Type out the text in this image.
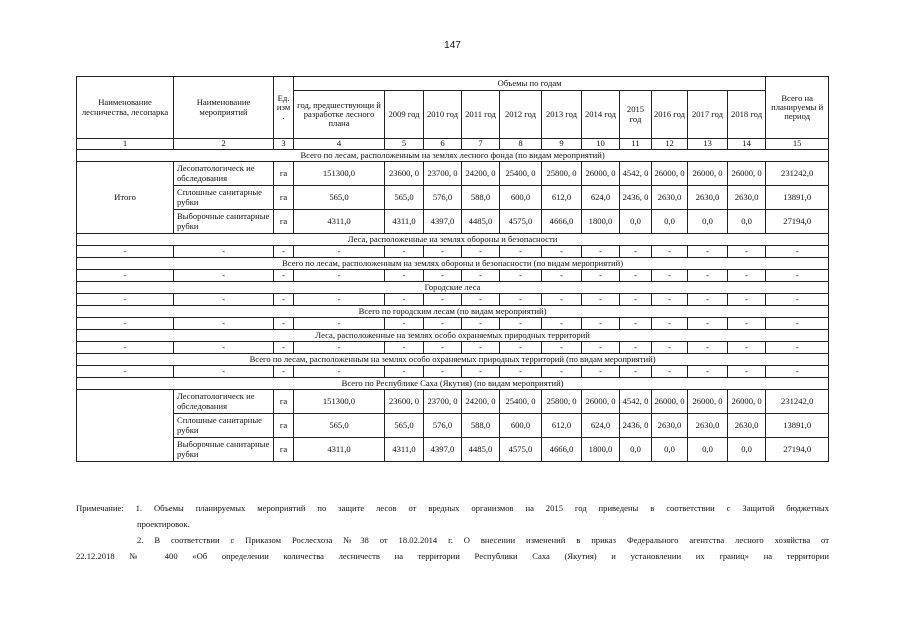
147
Наименование лесничества, лесопарка	Наименование мероприятий	Ед. изм .	Объемы по годам											Всего на планируемы й период
			год, предшествующи й разработке лесного плана	2009 год	2010 год	2011 год	2012 год	2013 год	2014 год	2015 год	2016 год	2017 год	2018 год	
1	2	3	4	5	6	7	8	9	10	11	12	13	14	15
Всего по лесам, расположенным на землях лесного фонда (по видам мероприятий)														
Итого	Лесопатологическ ие обследования	га	151300,0	23600, 0	23700, 0	24200, 0	25400, 0	25800, 0	26000, 0	4542, 0	26000, 0	26000, 0	26000, 0	231242,0
	Сплошные санитарные рубки	га	565,0	565,0	576,0	588,0	600,0	612,0	624,0	2436, 0	2630,0	2630,0	2630,0	13891,0
	Выборочные санитарные рубки	га	4311,0	4311,0	4397,0	4485,0	4575,0	4666,0	1800,0	0,0	0,0	0,0	0,0	27194,0
Леса, расположенные на землях обороны и безопасности														
-	-	-	-	-	-	-	-	-	-	-	-	-	-	-
Всего по лесам, расположенным на землях обороны и безопасности (по видам мероприятий)														
-	-	-	-	-	-	-	-	-	-	-	-	-	-	-
Городские леса														
-	-	-	-	-	-	-	-	-	-	-	-	-	-	-
Всего по городским лесам (по видам мероприятий)														
-	-	-	-	-	-	-	-	-	-	-	-	-	-	-
Леса, расположенные на землях особо охраняемых природных территорий														
-	-	-	-	-	-	-	-	-	-	-	-	-	-	-
Всего по лесам, расположенным на землях особо охраняемых природных территорий (по видам мероприятий)														
-	-	-	-	-	-	-	-	-	-	-	-	-	-	-
Всего по Республике Саха (Якутия) (по видам мероприятий)														
	Лесопатологическ ие обследования	га	151300,0	23600, 0	23700, 0	24200, 0	25400, 0	25800, 0	26000, 0	4542, 0	26000, 0	26000, 0	26000, 0	231242,0
	Сплошные санитарные рубки	га	565,0	565,0	576,0	588,0	600,0	612,0	624,0	2436, 0	2630,0	2630,0	2630,0	13891,0
	Выборочные санитарные рубки	га	4311,0	4311,0	4397,0	4485,0	4575,0	4666,0	1800,0	0,0	0,0	0,0	0,0	27194,0
Примечание: 1. Объемы планируемых мероприятий по защите лесов от вредных организмов на 2015 год приведены в соответствии с Защитой бюджетных
проектировок.
2. В соответствии с Приказом Рослесхоза №38 от 18.02.2014 г. О внесении изменений в приказ Федерального агентства лесного хозяйства от
22.12.2018 № 400 «Об определении количества лесничеств на территории Республики Саха (Якутия) и установлении их границ» на территории
